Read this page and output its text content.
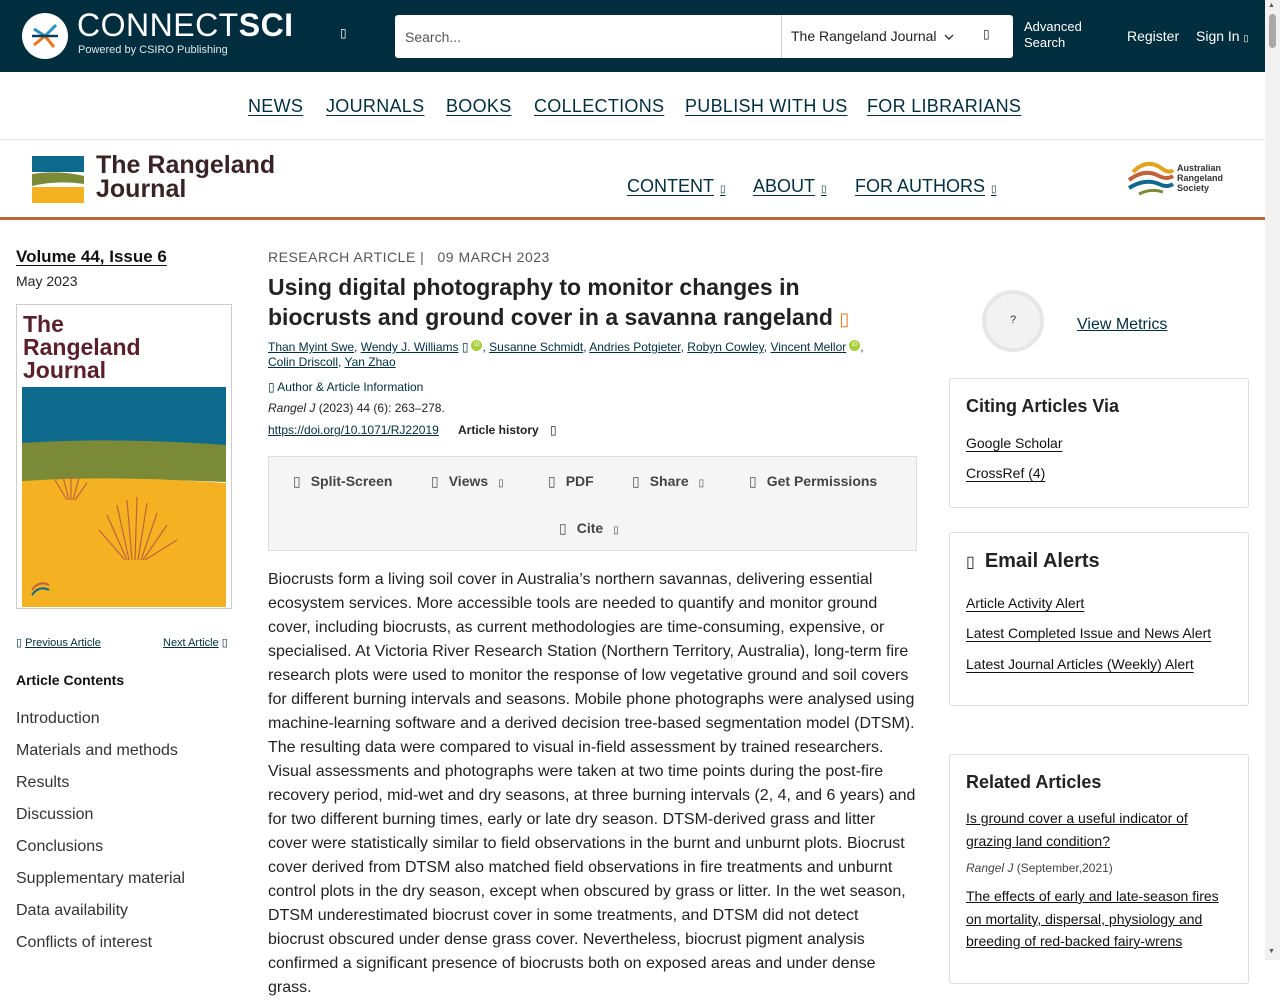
CONNECTSCI
Powered by CSIRO Publishing
▯
Search...	The Rangeland Journal	▯	Advanced Search	Register Sign In ▯
NEWS JOURNALS BOOKS COLLECTIONS PUBLISH WITH US FOR LIBRARIANS
The Rangeland
Journal	CONTENT ▯ ABOUT ▯ FOR AUTHORS ▯
Australian
Rangeland
Society
Volume 44, Issue 6
May 2023
The
Rangeland
Journal
▯ Previous Article	Next Article ▯
Article Contents
Introduction
Materials and methods
Results
Discussion
Conclusions
Supplementary material
Data availability
Conflicts of interest
RESEARCH ARTICLE |   09 MARCH 2023
Using digital photography to monitor changes in biocrusts and ground cover in a savanna rangeland ▯
Than Myint Swe, Wendy J. Williams ▯ iD , Susanne Schmidt, Andries Potgieter, Robyn Cowley, Vincent Mellor iD ,
Colin Driscoll, Yan Zhao
▯ Author & Article Information
Rangel J (2023) 44 (6): 263–278.
https://doi.org/10.1071/RJ22019 Article history ▯
▯ Split-Screen	▯ Views ▯	▯ PDF	▯ Share ▯	▯ Get Permissions
▯ Cite ▯
Biocrusts form a living soil cover in Australia’s northern savannas, delivering essential ecosystem services. More accessible tools are needed to quantify and monitor ground cover, including biocrusts, as current methodologies are time-consuming, expensive, or specialised. At Victoria River Research Station (Northern Territory, Australia), long-term fire research plots were used to monitor the response of low vegetative ground and soil covers for different burning intervals and seasons. Mobile phone photographs were analysed using machine-learning software and a derived decision tree-based segmentation model (DTSM). The resulting data were compared to visual in-field assessment by trained researchers. Visual assessments and photographs were taken at two time points during the post-fire recovery period, mid-wet and dry seasons, at three burning intervals (2, 4, and 6 years) and for two different burning times, early or late dry season. DTSM-derived grass and litter cover were statistically similar to field observations in the burnt and unburnt plots. Biocrust cover derived from DTSM also matched field observations in fire treatments and unburnt control plots in the dry season, except when obscured by grass or litter. In the wet season, DTSM underestimated biocrust cover in some treatments, and DTSM did not detect biocrust obscured under dense grass cover. Nevertheless, biocrust pigment analysis confirmed a significant presence of biocrusts both on exposed areas and under dense grass.
?	View Metrics
Citing Articles Via
Google Scholar
CrossRef (4)
▯ Email Alerts
Article Activity Alert
Latest Completed Issue and News Alert
Latest Journal Articles (Weekly) Alert
Related Articles
Is ground cover a useful indicator of grazing land condition?
Rangel J (September,2021)
The effects of early and late-season fires on mortality, dispersal, physiology and breeding of red-backed fairy-wrens
▲
▼
